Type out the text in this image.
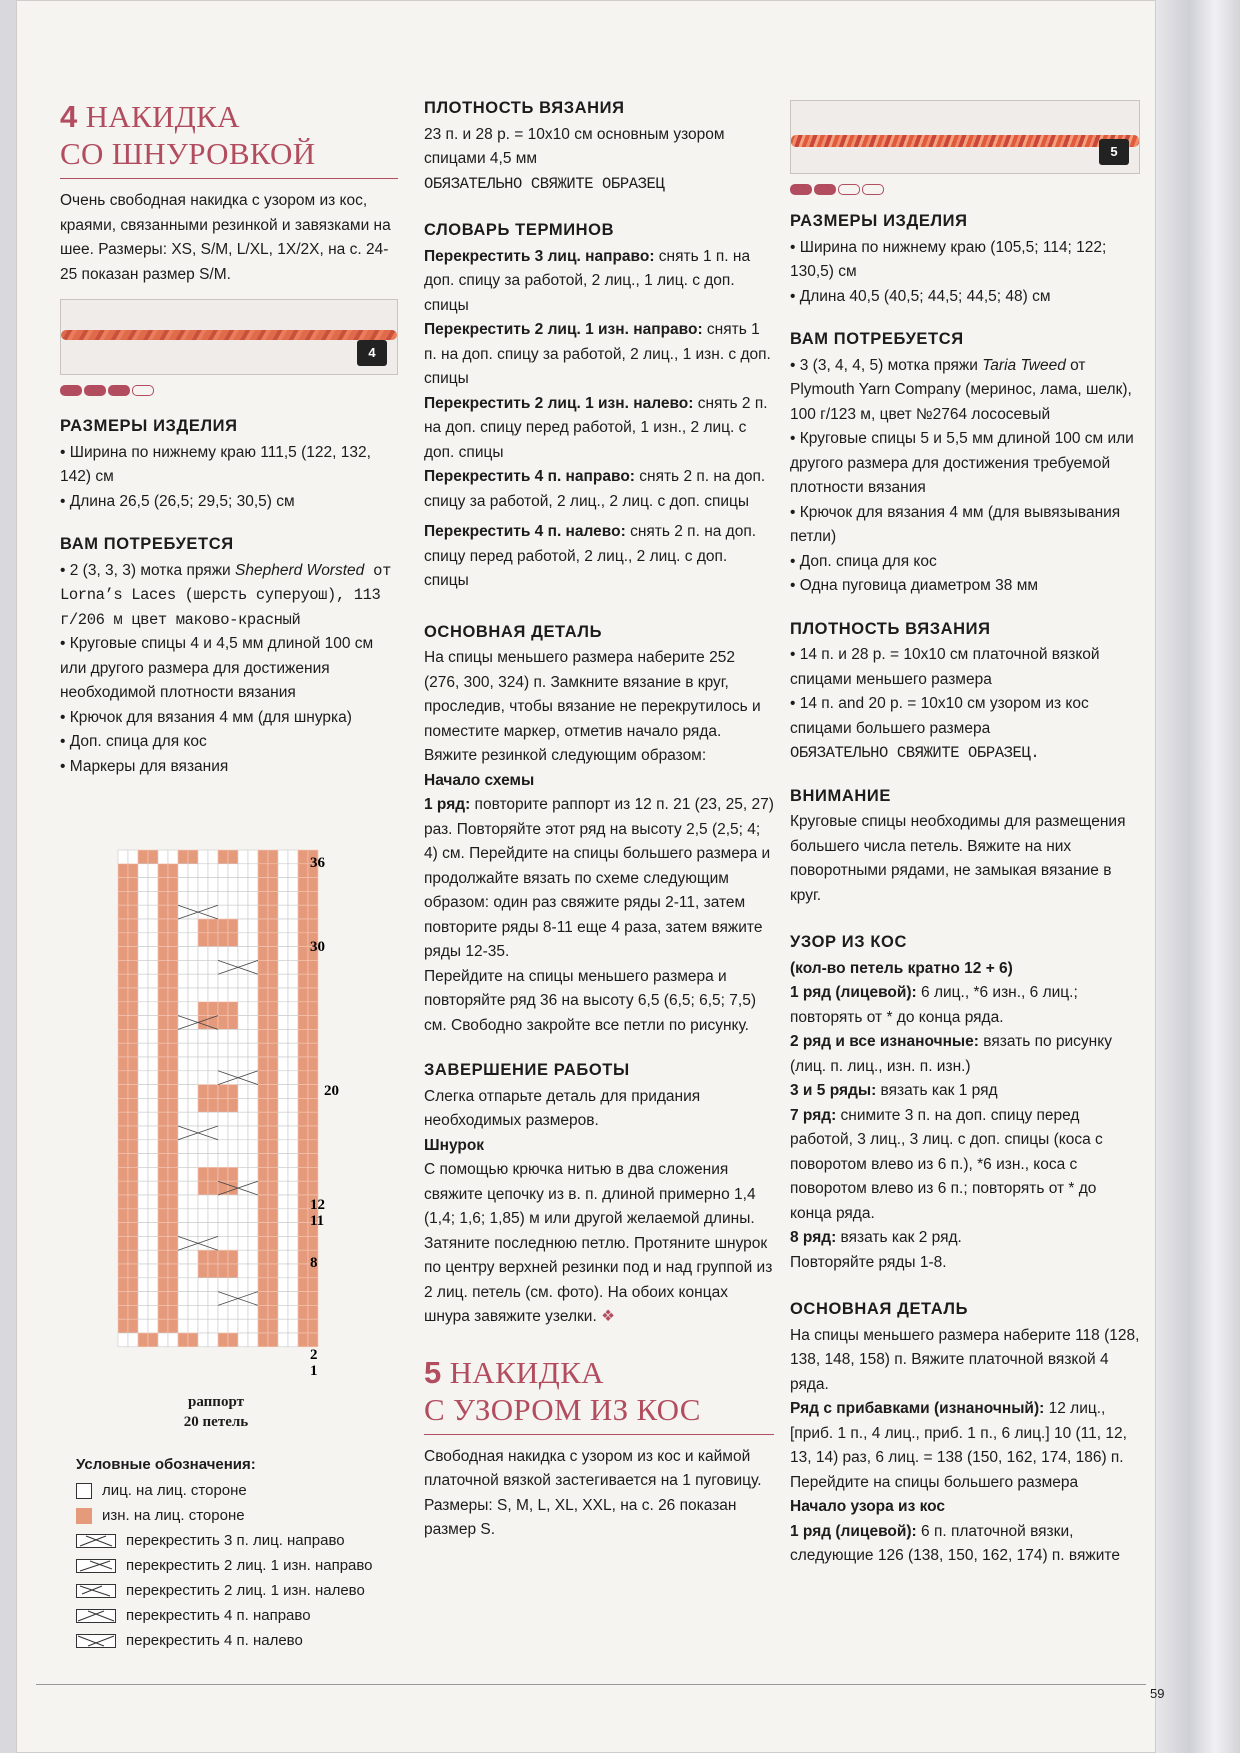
4 НАКИДКА
СО ШНУРОВКОЙ

Очень свободная накидка с узором из кос, краями, связанными резинкой и завязками на шее. Размеры: XS, S/M, L/XL, 1X/2X, на с. 24-25 показан размер S/M.

4
РАЗМЕРЫ ИЗДЕЛИЯ

• Ширина по нижнему краю 111,5 (122, 132, 142) см

• Длина 26,5 (26,5; 29,5; 30,5) см

ВАМ ПОТРЕБУЕТСЯ

• 2 (3, 3, 3) мотка пряжи Shepherd Worsted от Lorna’s Laces (шерсть суперуош), 113 г/206 м цвет маково-красный

• Круговые спицы 4 и 4,5 мм длиной 100 см или другого размера для достижения необходимой плотности вязания

• Крючок для вязания 4 мм (для шнурка)

• Доп. спица для кос

• Маркеры для вязания

36
30
20
12
11
8
2
1
раппорт
20 петель
Условные обозначения:
лиц. на лиц. стороне
изн. на лиц. стороне
перекрестить 3 п. лиц. направо
перекрестить 2 лиц. 1 изн. направо
перекрестить 2 лиц. 1 изн. налево
перекрестить 4 п. направо
перекрестить 4 п. налево
ПЛОТНОСТЬ ВЯЗАНИЯ

23 п. и 28 р. = 10х10 см основным узором спицами 4,5 мм

ОБЯЗАТЕЛЬНО СВЯЖИТЕ ОБРАЗЕЦ

СЛОВАРЬ ТЕРМИНОВ

Перекрестить 3 лиц. направо: снять 1 п. на доп. спицу за работой, 2 лиц., 1 лиц. с доп. спицы

Перекрестить 2 лиц. 1 изн. направо: снять 1 п. на доп. спицу за работой, 2 лиц., 1 изн. с доп. спицы

Перекрестить 2 лиц. 1 изн. налево: снять 2 п. на доп. спицу перед работой, 1 изн., 2 лиц. с доп. спицы

Перекрестить 4 п. направо: снять 2 п. на доп. спицу за работой, 2 лиц., 2 лиц. с доп. спицы

Перекрестить 4 п. налево: снять 2 п. на доп. спицу перед работой, 2 лиц., 2 лиц. с доп. спицы

ОСНОВНАЯ ДЕТАЛЬ

На спицы меньшего размера наберите 252 (276, 300, 324) п. Замкните вязание в круг, проследив, чтобы вязание не перекрутилось и поместите маркер, отметив начало ряда.

Вяжите резинкой следующим образом:

Начало схемы

1 ряд: повторите раппорт из 12 п. 21 (23, 25, 27) раз. Повторяйте этот ряд на высоту 2,5 (2,5; 4; 4) см. Перейдите на спицы большего размера и продолжайте вязать по схеме следующим образом: один раз свяжите ряды 2-11, затем повторите ряды 8-11 еще 4 раза, затем вяжите ряды 12-35.

Перейдите на спицы меньшего размера и повторяйте ряд 36 на высоту 6,5 (6,5; 6,5; 7,5) см. Свободно закройте все петли по рисунку.

ЗАВЕРШЕНИЕ РАБОТЫ

Слегка отпарьте деталь для придания необходимых размеров.

Шнурок

С помощью крючка нитью в два сложения свяжите цепочку из в. п. длиной примерно 1,4 (1,4; 1,6; 1,85) м или другой желаемой длины. Затяните последнюю петлю. Протяните шнурок по центру верхней резинки под и над группой из 2 лиц. петель (см. фото). На обоих концах шнура завяжите узелки. ❖

5 НАКИДКА
С УЗОРОМ ИЗ КОС

Свободная накидка с узором из кос и каймой платочной вязкой застегивается на 1 пуговицу. Размеры: S, M, L, XL, XXL, на с. 26 показан размер S.

5
РАЗМЕРЫ ИЗДЕЛИЯ

• Ширина по нижнему краю (105,5; 114; 122; 130,5) см

• Длина 40,5 (40,5; 44,5; 44,5; 48) см

ВАМ ПОТРЕБУЕТСЯ

• 3 (3, 4, 4, 5) мотка пряжи Taria Tweed от Plymouth Yarn Company (меринос, лама, шелк), 100 г/123 м, цвет №2764 лососевый

• Круговые спицы 5 и 5,5 мм длиной 100 см или другого размера для достижения требуемой плотности вязания

• Крючок для вязания 4 мм (для вывязывания петли)

• Доп. спица для кос

• Одна пуговица диаметром 38 мм

ПЛОТНОСТЬ ВЯЗАНИЯ

• 14 п. и 28 р. = 10х10 см платочной вязкой спицами меньшего размера

• 14 п. and 20 р. = 10х10 см узором из кос спицами большего размера

ОБЯЗАТЕЛЬНО СВЯЖИТЕ ОБРАЗЕЦ.

ВНИМАНИЕ

Круговые спицы необходимы для размещения большего числа петель. Вяжите на них поворотными рядами, не замыкая вязание в круг.

УЗОР ИЗ КОС

(кол-во петель кратно 12 + 6)

1 ряд (лицевой): 6 лиц., *6 изн., 6 лиц.; повторять от * до конца ряда.

2 ряд и все изнаночные: вязать по рисунку (лиц. п. лиц., изн. п. изн.)

3 и 5 ряды: вязать как 1 ряд

7 ряд: снимите 3 п. на доп. спицу перед работой, 3 лиц., 3 лиц. с доп. спицы (коса с поворотом влево из 6 п.), *6 изн., коса с поворотом влево из 6 п.; повторять от * до конца ряда.

8 ряд: вязать как 2 ряд.

Повторяйте ряды 1-8.

ОСНОВНАЯ ДЕТАЛЬ

На спицы меньшего размера наберите 118 (128, 138, 148, 158) п. Вяжите платочной вязкой 4 ряда.

Ряд с прибавками (изнаночный): 12 лиц., [приб. 1 п., 4 лиц., приб. 1 п., 6 лиц.] 10 (11, 12, 13, 14) раз, 6 лиц. = 138 (150, 162, 174, 186) п.

Перейдите на спицы большего размера

Начало узора из кос

1 ряд (лицевой): 6 п. платочной вязки, следующие 126 (138, 150, 162, 174) п. вяжите

59
